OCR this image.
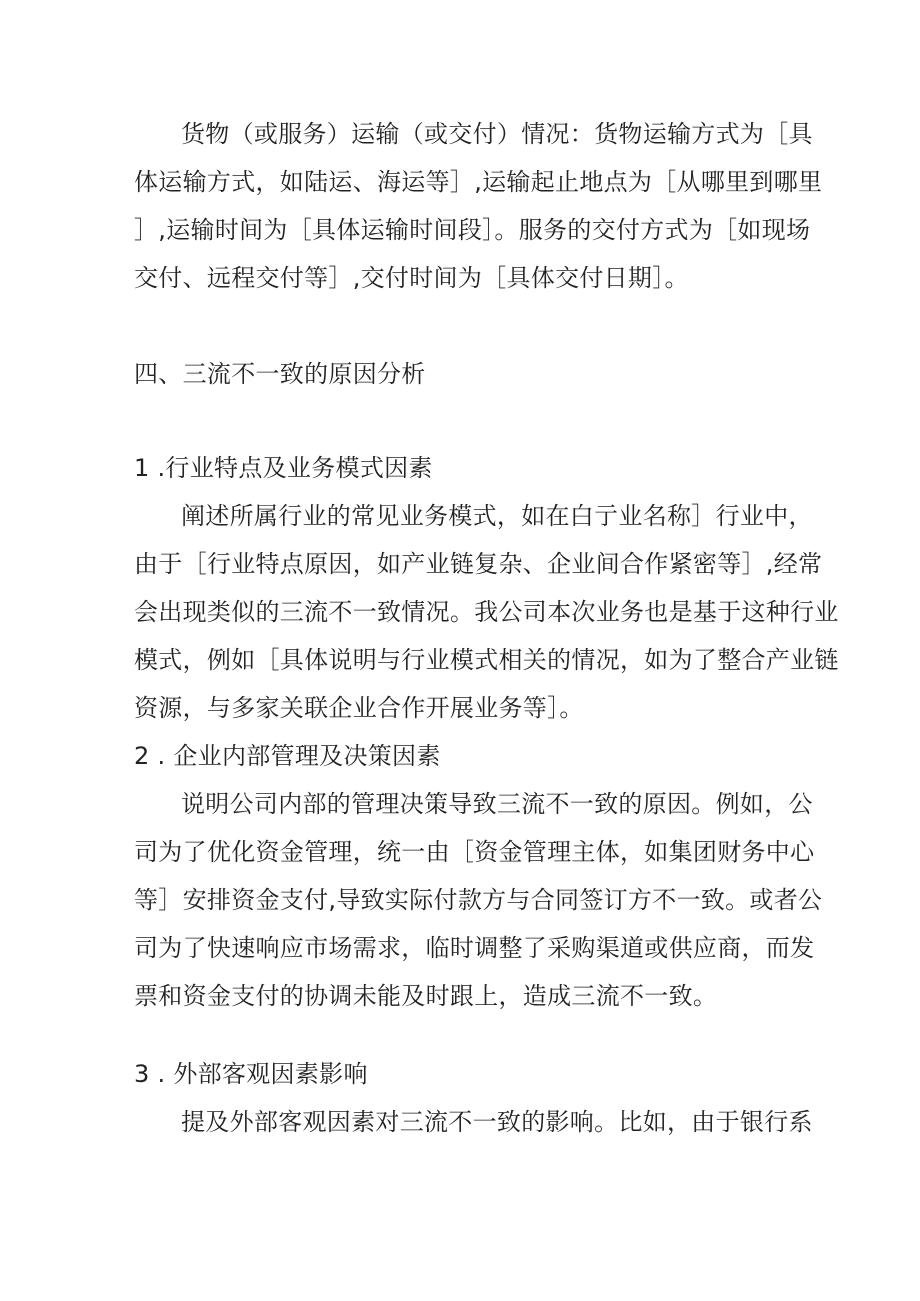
货物（或服务）运输（或交付）情况：货物运输方式为［具
体运输方式，如陆运、海运等］,运输起止地点为［从哪里到哪里
］,运输时间为［具体运输时间段］。服务的交付方式为［如现场
交付、远程交付等］,交付时间为［具体交付日期］。
四、三流不一致的原因分析
1 .行业特点及业务模式因素
阐述所属行业的常见业务模式，如在白亍业名称］行业中，
由于［行业特点原因，如产业链复杂、企业间合作紧密等］,经常
会出现类似的三流不一致情况。我公司本次业务也是基于这种行业
模式，例如［具体说明与行业模式相关的情况，如为了整合产业链
资源，与多家关联企业合作开展业务等］。
2 . 企业内部管理及决策因素
说明公司内部的管理决策导致三流不一致的原因。例如，公
司为了优化资金管理，统一由［资金管理主体，如集团财务中心
等］安排资金支付,导致实际付款方与合同签订方不一致。或者公
司为了快速响应市场需求，临时调整了采购渠道或供应商，而发
票和资金支付的协调未能及时跟上，造成三流不一致。
3 . 外部客观因素影响
提及外部客观因素对三流不一致的影响。比如，由于银行系
